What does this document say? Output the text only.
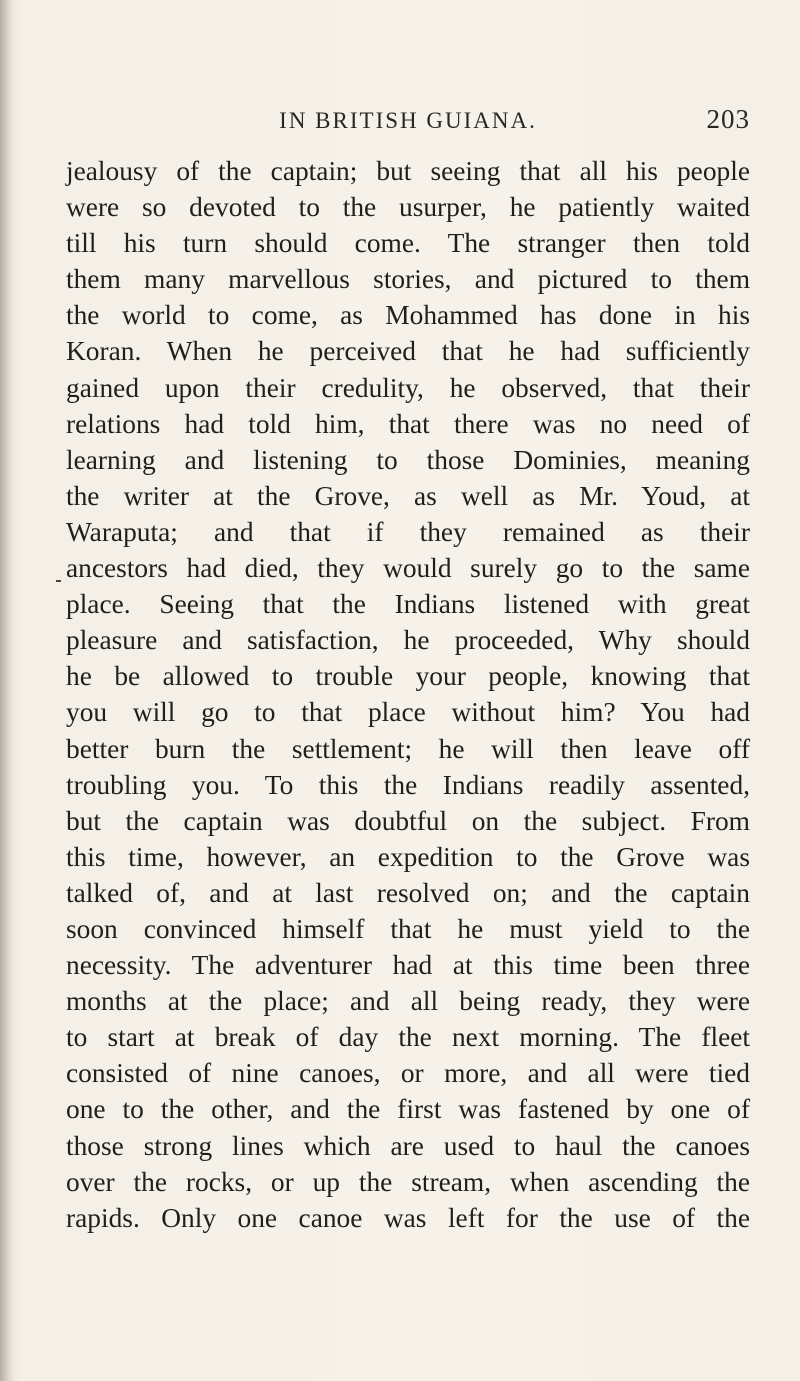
IN BRITISH GUIANA.	203
jealousy of the captain; but seeing that all his people
were so devoted to the usurper, he patiently waited
till his turn should come. The stranger then told
them many marvellous stories, and pictured to them
the world to come, as Mohammed has done in his
Koran. When he perceived that he had sufficiently
gained upon their credulity, he observed, that their
relations had told him, that there was no need of
learning and listening to those Dominies, meaning
the writer at the Grove, as well as Mr. Youd, at
Waraputa; and that if they remained as their
ancestors had died, they would surely go to the same
place. Seeing that the Indians listened with great
pleasure and satisfaction, he proceeded, Why should
he be allowed to trouble your people, knowing that
you will go to that place without him? You had
better burn the settlement; he will then leave off
troubling you. To this the Indians readily assented,
but the captain was doubtful on the subject. From
this time, however, an expedition to the Grove was
talked of, and at last resolved on; and the captain
soon convinced himself that he must yield to the
necessity. The adventurer had at this time been three
months at the place; and all being ready, they were
to start at break of day the next morning. The fleet
consisted of nine canoes, or more, and all were tied
one to the other, and the first was fastened by one of
those strong lines which are used to haul the canoes
over the rocks, or up the stream, when ascending the
rapids. Only one canoe was left for the use of the
